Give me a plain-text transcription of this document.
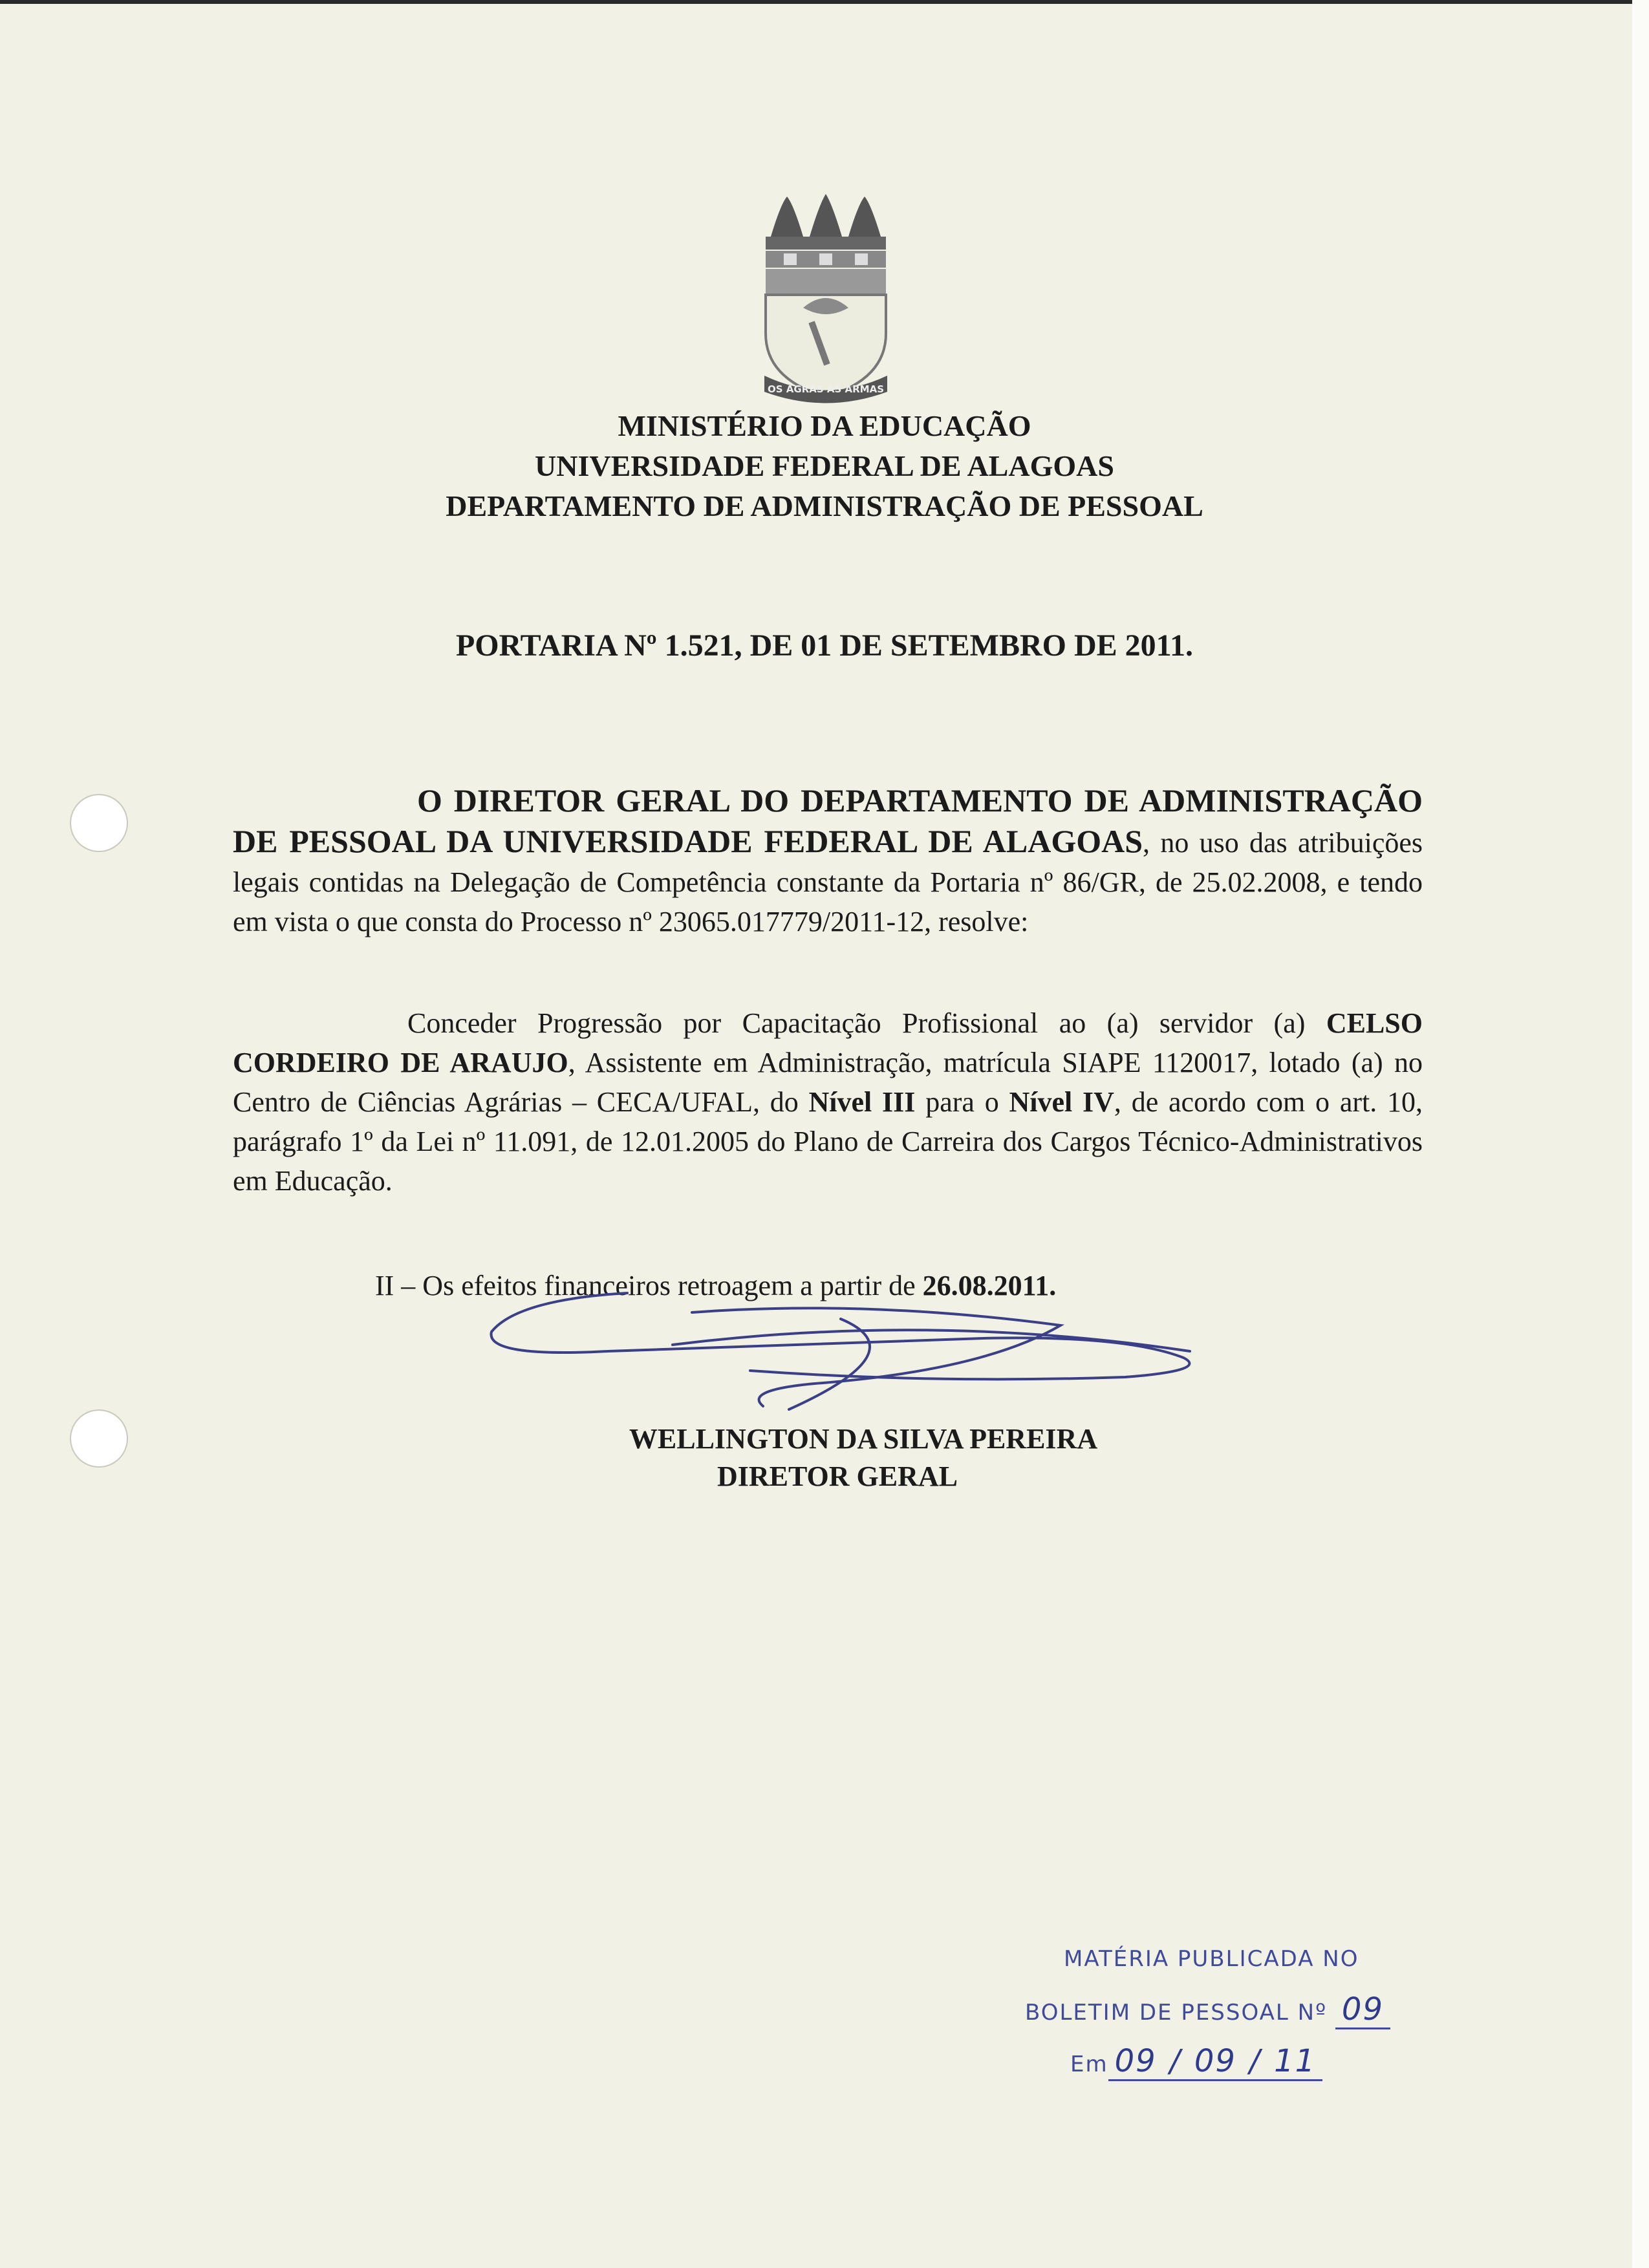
OS AGRAS AS ARMAS
MINISTÉRIO DA EDUCAÇÃO
UNIVERSIDADE FEDERAL DE ALAGOAS
DEPARTAMENTO DE ADMINISTRAÇÃO DE PESSOAL
PORTARIA Nº 1.521, DE 01 DE SETEMBRO DE 2011.

O DIRETOR GERAL DO DEPARTAMENTO DE ADMINISTRAÇÃO DE PESSOAL DA UNIVERSIDADE FEDERAL DE ALAGOAS, no uso das atribuições legais contidas na Delegação de Competência constante da Portaria nº 86/GR, de 25.02.2008, e tendo em vista o que consta do Processo nº 23065.017779/2011-12, resolve:

Conceder Progressão por Capacitação Profissional ao (a) servidor (a) CELSO CORDEIRO DE ARAUJO, Assistente em Administração, matrícula SIAPE 1120017, lotado (a) no Centro de Ciências Agrárias – CECA/UFAL, do Nível III para o Nível IV, de acordo com o art. 10, parágrafo 1º da Lei nº 11.091, de 12.01.2005 do Plano de Carreira dos Cargos Técnico-Administrativos em Educação.

II – Os efeitos financeiros retroagem a partir de 26.08.2011.

WELLINGTON DA SILVA PEREIRA
DIRETOR GERAL
MATÉRIA PUBLICADA NO
BOLETIM DE PESSOAL Nº 09
Em 09 / 09 / 11
